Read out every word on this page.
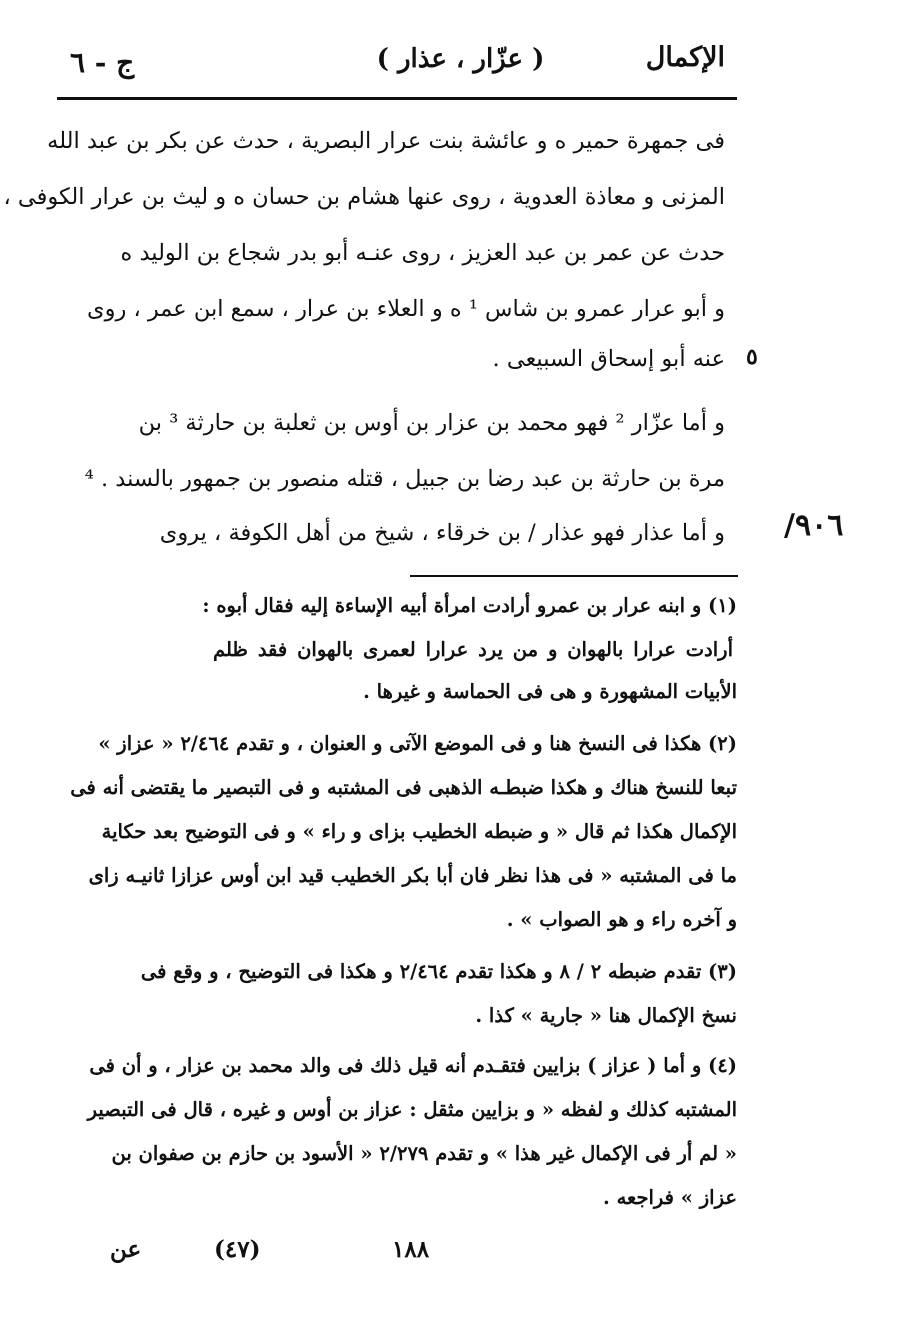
الإكمال
( عزّار ، عذار )
ج - ٦
فى جمهرة حمير ه و عائشة بنت عرار البصرية ، حدث عن بكر بن عبد الله
المزنى و معاذة العدوية ، روى عنها هشام بن حسان ه و ليث بن عرار الكوفى ،
حدث عن عمر بن عبد العزيز ، روى عنـه أبو بدر شجاع بن الوليد ه
و أبو عرار عمرو بن شاس ¹ ه و العلاء بن عرار ، سمع ابن عمر ، روى
عنه أبو إسحاق السبيعى . ٥
و أما عزّار ² فهو محمد بن عزار بن أوس بن ثعلبة بن حارثة ³ بن
مرة بن حارثة بن عبد رضا بن جبيل ، قتله منصور بن جمهور بالسند . ⁴
و أما عذار فهو عذار / بن خرقاء ، شيخ من أهل الكوفة ، يروى ٩٠٦/
(١) و ابنه عرار بن عمرو أرادت امرأة أبيه الإساءة إليه فقال أبوه :
أرادت عرارا بالهوان و من يرد عرارا لعمرى بالهوان فقد ظلم
الأبيات المشهورة و هى فى الحماسة و غيرها .
(٢) هكذا فى النسخ هنا و فى الموضع الآتى و العنوان ، و تقدم ٢/٤٦٤ « عزاز »
تبعا للنسخ هناك و هكذا ضبطـه الذهبى فى المشتبه و فى التبصير ما يقتضى أنه فى
الإكمال هكذا ثم قال « و ضبطه الخطيب بزاى و راء » و فى التوضيح بعد حكاية
ما فى المشتبه « فى هذا نظر فان أبا بكر الخطيب قيد ابن أوس عزازا ثانيـه زاى
و آخره راء و هو الصواب » .
(٣) تقدم ضبطه ٢ / ٨ و هكذا تقدم ٢/٤٦٤ و هكذا فى التوضيح ، و وقع فى
نسخ الإكمال هنا « جارية » كذا .
(٤) و أما ( عزاز ) بزايين فتقـدم أنه قيل ذلك فى والد محمد بن عزار ، و أن فى
المشتبه كذلك و لفظه « و بزايين مثقل : عزاز بن أوس و غيره ، قال فى التبصير
« لم أر فى الإكمال غير هذا » و تقدم ٢/٢٧٩ « الأسود بن حازم بن صفوان بن
عزاز » فراجعه .
١٨٨
(٤٧)
عن
